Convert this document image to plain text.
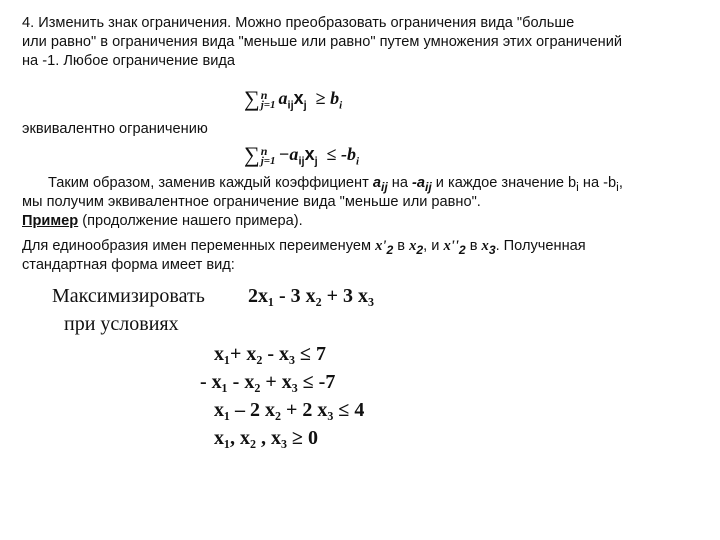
4. Изменить знак ограничения. Можно преобразовать ограничения вида "больше
или равно" в ограничения вида "меньше или равно" путем умножения этих ограничений
на -1. Любое ограничение вида
∑ n
j=1 $a_{ij}x_j \ge b_i$
эквивалентно ограничению
∑ n
$j=1 -a_{ij}x_j \le -b_i$
Таким образом, заменив каждый коэффициент $a_{ij}$ на $-a_{ij}$ и каждое значение $b_i$ на $-b_i$,
мы получим эквивалентное ограничение вида "меньше или равно".
Пример (продолжение нашего примера).
Для единообразия имен переменных переименуем $x'_2$ в $x_2$, и $x''_2$ в $x_3$. Полученная
стандартная форма имеет вид:
Максимизировать 2x₁ - 3 x₂ + 3 x₃
при условиях
x₁+ x₂ - x₃ ≤ 7
- x₁ - x₂ + x₃ ≤ -7
x₁ – 2 x₂ + 2 x₃ ≤ 4
x₁, x₂ , x₃ ≥ 0
